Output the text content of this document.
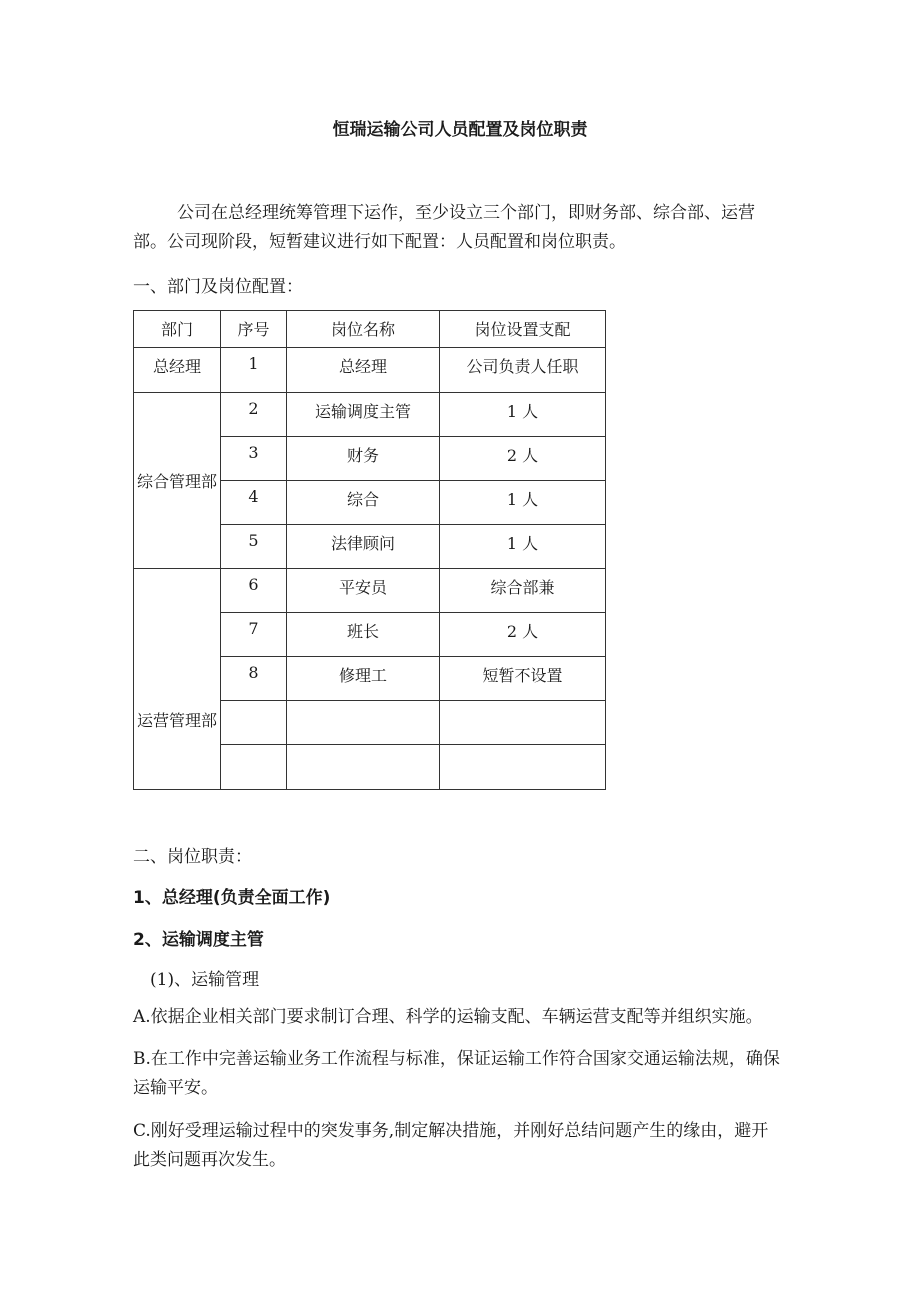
恒瑞运输公司人员配置及岗位职责
公司在总经理统筹管理下运作，至少设立三个部门，即财务部、综合部、运营部。公司现阶段，短暂建议进行如下配置：人员配置和岗位职责。
一、部门及岗位配置：
部门	序号	岗位名称	岗位设置支配
总经理	1	总经理	公司负责人任职
综合管理部	2	运输调度主管	1 人
	3	财务	2 人
	4	综合	1 人
	5	法律顾问	1 人
运营管理部	6	平安员	综合部兼
	7	班长	2 人
	8	修理工	短暂不设置

二、岗位职责：
1、总经理(负责全面工作)
2、运输调度主管
(1)、运输管理
A.依据企业相关部门要求制订合理、科学的运输支配、车辆运营支配等并组织实施。
B.在工作中完善运输业务工作流程与标准，保证运输工作符合国家交通运输法规，确保运输平安。
C.刚好受理运输过程中的突发事务,制定解决措施，并刚好总结问题产生的缘由，避开此类问题再次发生。
